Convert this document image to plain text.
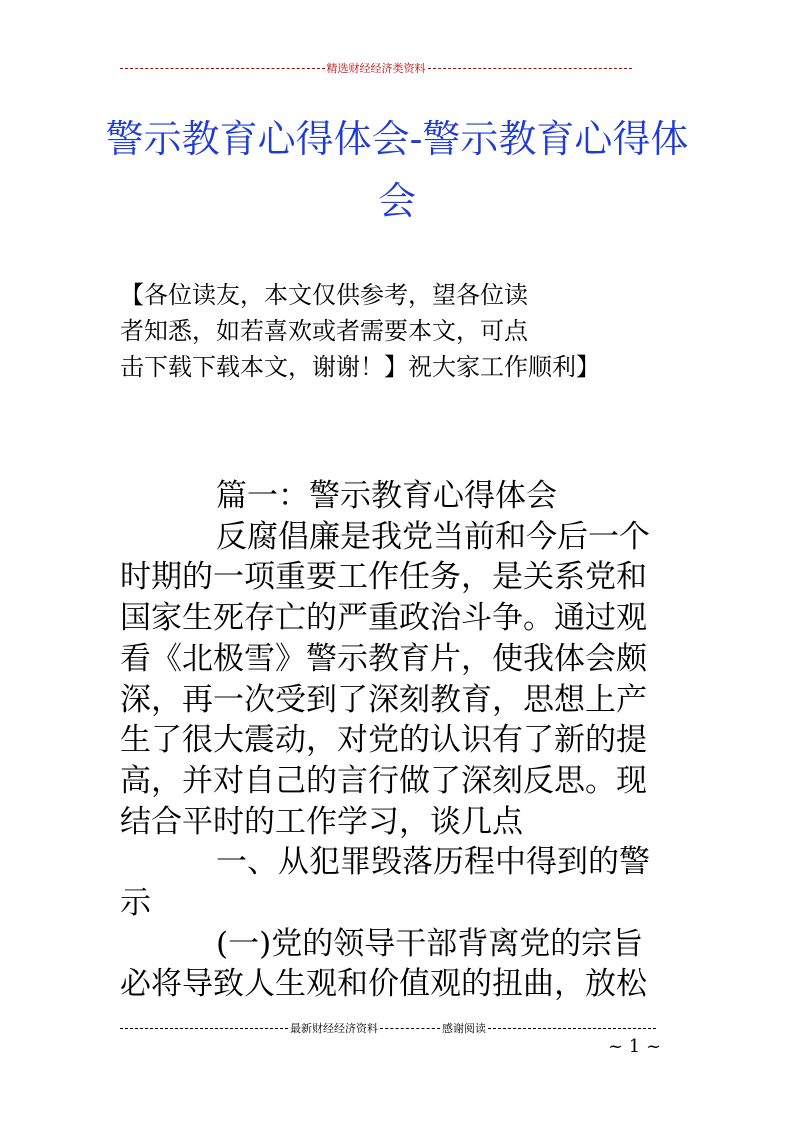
精选财经经济类资料
警示教育心得体会-警示教育心得体
会
【各位读友，本文仅供参考，望各位读
者知悉，如若喜欢或者需要本文，可点
击下载下载本文，谢谢！】祝大家工作顺利】
篇一：警示教育心得体会
反腐倡廉是我党当前和今后一个
时期的一项重要工作任务，是关系党和
国家生死存亡的严重政治斗争。通过观
看《北极雪》警示教育片，使我体会颇
深，再一次受到了深刻教育，思想上产
生了很大震动，对党的认识有了新的提
高，并对自己的言行做了深刻反思。现
结合平时的工作学习，谈几点
一、从犯罪毁落历程中得到的警
示
(一)党的领导干部背离党的宗旨
必将导致人生观和价值观的扭曲，放松
最新财经经济资料	感谢阅读
~ 1 ~
